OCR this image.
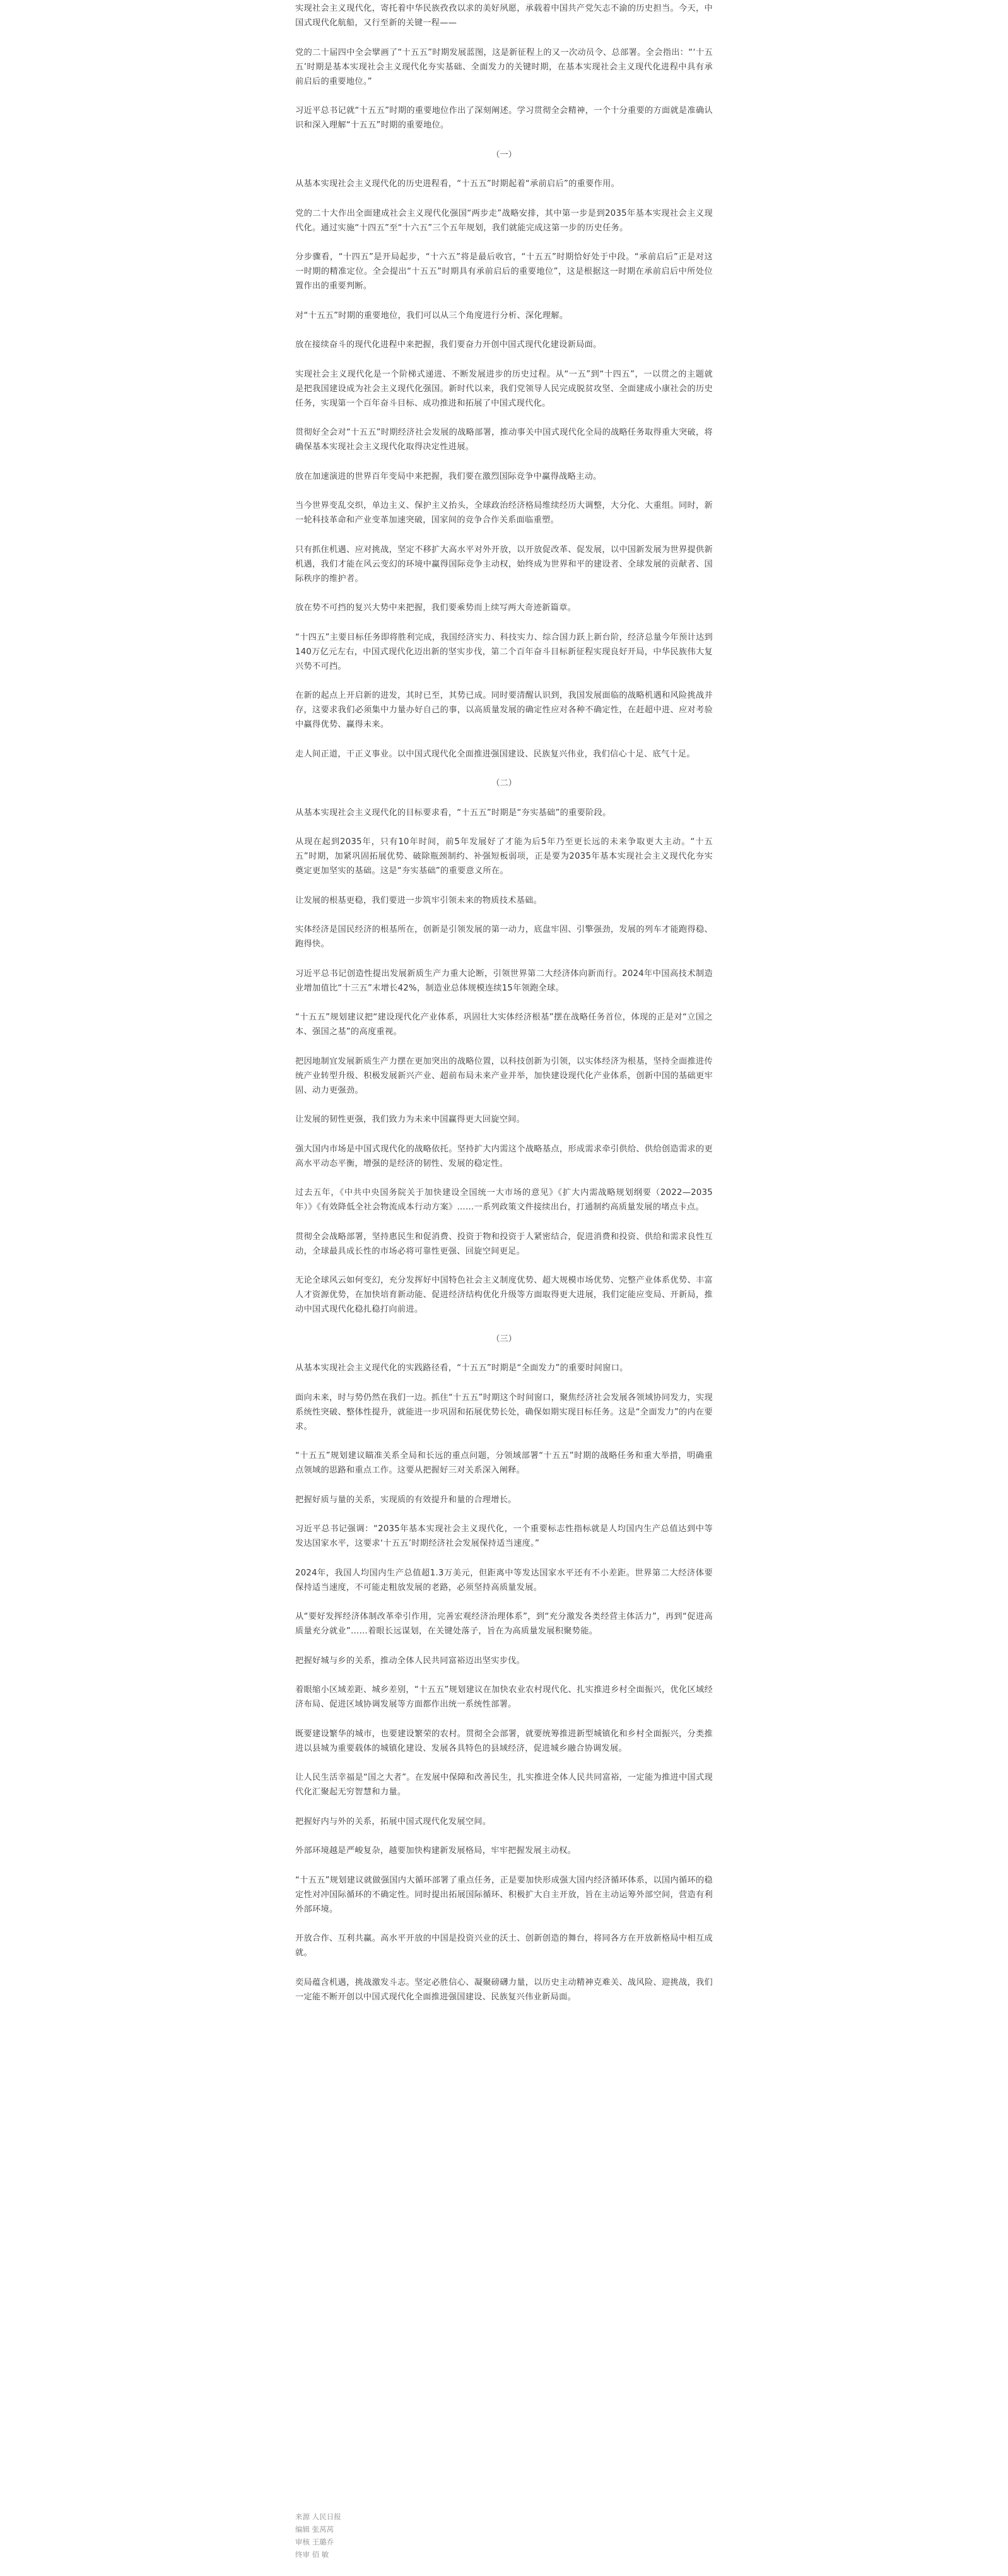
实现社会主义现代化，寄托着中华民族孜孜以求的美好夙愿，承载着中国共产党矢志不渝的历史担当。今天，中国式现代化航船，又行至新的关键一程——

党的二十届四中全会擘画了“十五五”时期发展蓝图，这是新征程上的又一次动员令、总部署。全会指出：“‘十五五’时期是基本实现社会主义现代化夯实基础、全面发力的关键时期，在基本实现社会主义现代化进程中具有承前启后的重要地位。”

习近平总书记就“十五五”时期的重要地位作出了深刻阐述。学习贯彻全会精神，一个十分重要的方面就是准确认识和深入理解“十五五”时期的重要地位。

（一）

从基本实现社会主义现代化的历史进程看，“十五五”时期起着“承前启后”的重要作用。

党的二十大作出全面建成社会主义现代化强国“两步走”战略安排，其中第一步是到2035年基本实现社会主义现代化。通过实施“十四五”至“十六五”三个五年规划，我们就能完成这第一步的历史任务。

分步骤看，“十四五”是开局起步，“十六五”将是最后收官，“十五五”时期恰好处于中段。“承前启后”正是对这一时期的精准定位。全会提出“十五五”时期具有承前启后的重要地位”，这是根据这一时期在承前启后中所处位置作出的重要判断。

对“十五五”时期的重要地位，我们可以从三个角度进行分析、深化理解。

放在接续奋斗的现代化进程中来把握，我们要奋力开创中国式现代化建设新局面。

实现社会主义现代化是一个阶梯式递进、不断发展进步的历史过程。从“一五”到“十四五”，一以贯之的主题就是把我国建设成为社会主义现代化强国。新时代以来，我们党领导人民完成脱贫攻坚、全面建成小康社会的历史任务，实现第一个百年奋斗目标、成功推进和拓展了中国式现代化。

贯彻好全会对“十五五”时期经济社会发展的战略部署，推动事关中国式现代化全局的战略任务取得重大突破，将确保基本实现社会主义现代化取得决定性进展。

放在加速演进的世界百年变局中来把握，我们要在激烈国际竞争中赢得战略主动。

当今世界变乱交织，单边主义、保护主义抬头，全球政治经济格局维续经历大调整，大分化、大重组。同时，新一轮科技革命和产业变革加速突破，国家间的竞争合作关系面临重塑。

只有抓住机遇、应对挑战，坚定不移扩大高水平对外开放，以开放促改革、促发展，以中国新发展为世界提供新机遇，我们才能在风云变幻的环境中赢得国际竞争主动权，始终成为世界和平的建设者、全球发展的贡献者、国际秩序的维护者。

放在势不可挡的复兴大势中来把握，我们要乘势而上续写两大奇迹新篇章。

“十四五”主要目标任务即将胜利完成，我国经济实力、科技实力、综合国力跃上新台阶，经济总量今年预计达到140万亿元左右，中国式现代化迈出新的坚实步伐，第二个百年奋斗目标新征程实现良好开局，中华民族伟大复兴势不可挡。

在新的起点上开启新的进发，其时已至，其势已成。同时要清醒认识到，我国发展面临的战略机遇和风险挑战并存，这要求我们必须集中力量办好自己的事，以高质量发展的确定性应对各种不确定性，在赶超中进、应对考验中赢得优势、赢得未来。

走人间正道，干正义事业。以中国式现代化全面推进强国建设、民族复兴伟业，我们信心十足、底气十足。

（二）

从基本实现社会主义现代化的目标要求看，“十五五”时期是“夯实基础”的重要阶段。

从现在起到2035年，只有10年时间，前5年发展好了才能为后5年乃至更长远的未来争取更大主动。“十五五”时期，加紧巩固拓展优势、破除瓶颈制约、补强短板弱项，正是要为2035年基本实现社会主义现代化夯实奠定更加坚实的基础。这是“夯实基础”的重要意义所在。

让发展的根基更稳，我们要进一步筑牢引领未来的物质技术基础。

实体经济是国民经济的根基所在，创新是引领发展的第一动力，底盘牢固、引擎强劲，发展的列车才能跑得稳、跑得快。

习近平总书记创造性提出发展新质生产力重大论断，引领世界第二大经济体向新而行。2024年中国高技术制造业增加值比“十三五”末增长42%，制造业总体规模连续15年领跑全球。

“十五五”规划建议把“建设现代化产业体系，巩固壮大实体经济根基”摆在战略任务首位，体现的正是对“立国之本、强国之基”的高度重视。

把因地制宜发展新质生产力摆在更加突出的战略位置，以科技创新为引领，以实体经济为根基，坚持全面推进传统产业转型升级、积极发展新兴产业、超前布局未来产业并举，加快建设现代化产业体系，创新中国的基础更牢固、动力更强劲。

让发展的韧性更强，我们致力为未来中国赢得更大回旋空间。

强大国内市场是中国式现代化的战略依托。坚持扩大内需这个战略基点，形成需求牵引供给、供给创造需求的更高水平动态平衡，增强的是经济的韧性、发展的稳定性。

过去五年，《中共中央国务院关于加快建设全国统一大市场的意见》《扩大内需战略规划纲要（2022—2035年）》《有效降低全社会物流成本行动方案》……一系列政策文件接续出台，打通制约高质量发展的堵点卡点。

贯彻全会战略部署，坚持惠民生和促消费、投资于物和投资于人紧密结合，促进消费和投资、供给和需求良性互动，全球最具成长性的市场必将可靠性更强、回旋空间更足。

无论全球风云如何变幻，充分发挥好中国特色社会主义制度优势、超大规模市场优势、完整产业体系优势、丰富人才资源优势，在加快培育新动能、促进经济结构优化升级等方面取得更大进展，我们定能应变局、开新局，推动中国式现代化稳扎稳打向前进。

（三）

从基本实现社会主义现代化的实践路径看，“十五五”时期是“全面发力”的重要时间窗口。

面向未来，时与势仍然在我们一边。抓住“十五五”时期这个时间窗口，聚焦经济社会发展各领域协同发力，实现系统性突破、整体性提升，就能进一步巩固和拓展优势长处，确保如期实现目标任务。这是“全面发力”的内在要求。

“十五五”规划建议瞄准关系全局和长远的重点问题，分领域部署“十五五”时期的战略任务和重大举措，明确重点领域的思路和重点工作。这要从把握好三对关系深入阐释。

把握好质与量的关系，实现质的有效提升和量的合理增长。

习近平总书记强调：“2035年基本实现社会主义现代化，一个重要标志性指标就是人均国内生产总值达到中等发达国家水平，这要求‘十五五’时期经济社会发展保持适当速度。”

2024年，我国人均国内生产总值超1.3万美元，但距离中等发达国家水平还有不小差距。世界第二大经济体要保持适当速度，不可能走粗放发展的老路，必须坚持高质量发展。

从“要好发挥经济体制改革牵引作用，完善宏观经济治理体系”，到“充分激发各类经营主体活力”，再到“促进高质量充分就业”……着眼长远谋划，在关键处落子，旨在为高质量发展积聚势能。

把握好城与乡的关系，推动全体人民共同富裕迈出坚实步伐。

着眼缩小区域差距、城乡差别，“十五五”规划建议在加快农业农村现代化、扎实推进乡村全面振兴，优化区域经济布局、促进区域协调发展等方面都作出统一系统性部署。

既要建设繁华的城市，也要建设繁荣的农村。贯彻全会部署，就要统筹推进新型城镇化和乡村全面振兴，分类推进以县城为重要载体的城镇化建设、发展各具特色的县域经济，促进城乡融合协调发展。

让人民生活幸福是“国之大者”。在发展中保障和改善民生，扎实推进全体人民共同富裕，一定能为推进中国式现代化汇聚起无穷智慧和力量。

把握好内与外的关系，拓展中国式现代化发展空间。

外部环境越是严峻复杂，越要加快构建新发展格局，牢牢把握发展主动权。

“十五五”规划建议就做强国内大循环部署了重点任务，正是要加快形成强大国内经济循环体系，以国内循环的稳定性对冲国际循环的不确定性。同时提出拓展国际循环、积极扩大自主开放，旨在主动运筹外部空间，营造有利外部环境。

开放合作、互利共赢。高水平开放的中国是投资兴业的沃土、创新创造的舞台，将同各方在开放新格局中相互成就。

奕局蕴含机遇，挑战激发斗志。坚定必胜信心、凝聚磅礴力量，以历史主动精神克难关、战风险、迎挑战，我们一定能不断开创以中国式现代化全面推进强国建设、民族复兴伟业新局面。

来源 人民日报
编辑 张莴莴
审核 王璐乔
终审 佰 敏
